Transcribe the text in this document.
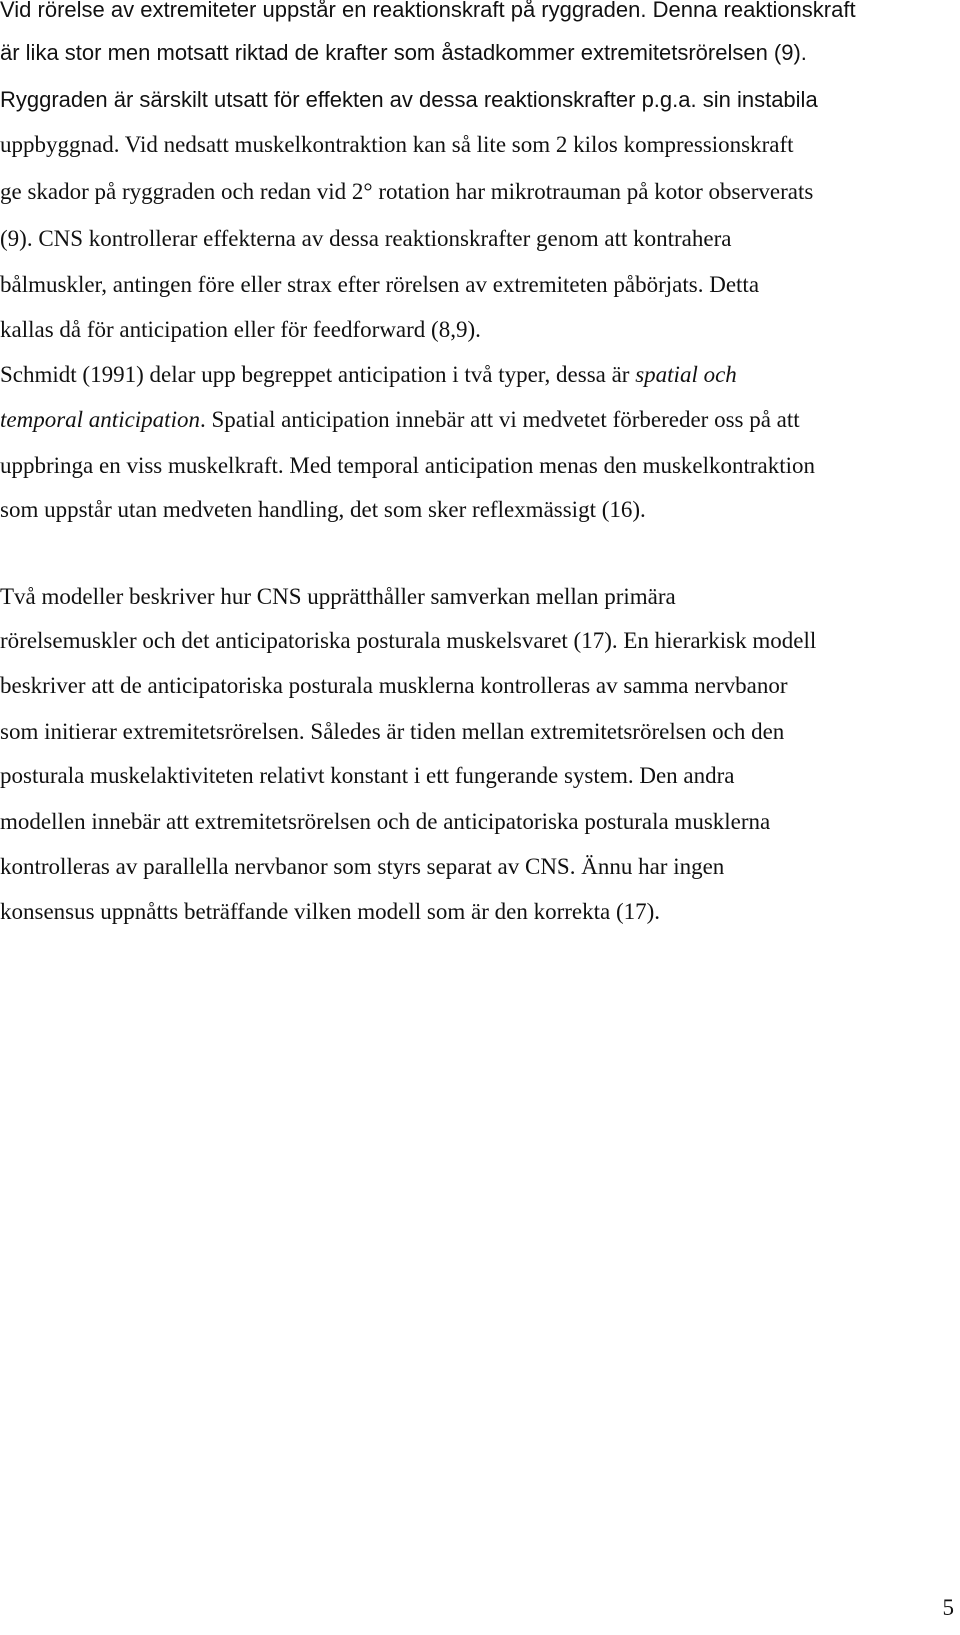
Vid rörelse av extremiteter uppstår en reaktionskraft på ryggraden. Denna reaktionskraft
är lika stor men motsatt riktad de krafter som åstadkommer extremitetsrörelsen (9).
Ryggraden är särskilt utsatt för effekten av dessa reaktionskrafter p.g.a. sin instabila
uppbyggnad. Vid nedsatt muskelkontraktion kan så lite som 2 kilos kompressionskraft
ge skador på ryggraden och redan vid 2° rotation har mikrotrauman på kotor observerats
(9). CNS kontrollerar effekterna av dessa reaktionskrafter genom att kontrahera
bålmuskler, antingen före eller strax efter rörelsen av extremiteten påbörjats. Detta
kallas då för anticipation eller för feedforward (8,9).
Schmidt (1991) delar upp begreppet anticipation i två typer, dessa är spatial och
temporal anticipation. Spatial anticipation innebär att vi medvetet förbereder oss på att
uppbringa en viss muskelkraft. Med temporal anticipation menas den muskelkontraktion
som uppstår utan medveten handling, det som sker reflexmässigt (16).
Två modeller beskriver hur CNS upprätthåller samverkan mellan primära
rörelsemuskler och det anticipatoriska posturala muskelsvaret (17). En hierarkisk modell
beskriver att de anticipatoriska posturala musklerna kontrolleras av samma nervbanor
som initierar extremitetsrörelsen. Således är tiden mellan extremitetsrörelsen och den
posturala muskelaktiviteten relativt konstant i ett fungerande system. Den andra
modellen innebär att extremitetsrörelsen och de anticipatoriska posturala musklerna
kontrolleras av parallella nervbanor som styrs separat av CNS. Ännu har ingen
konsensus uppnåtts beträffande vilken modell som är den korrekta (17).
5
